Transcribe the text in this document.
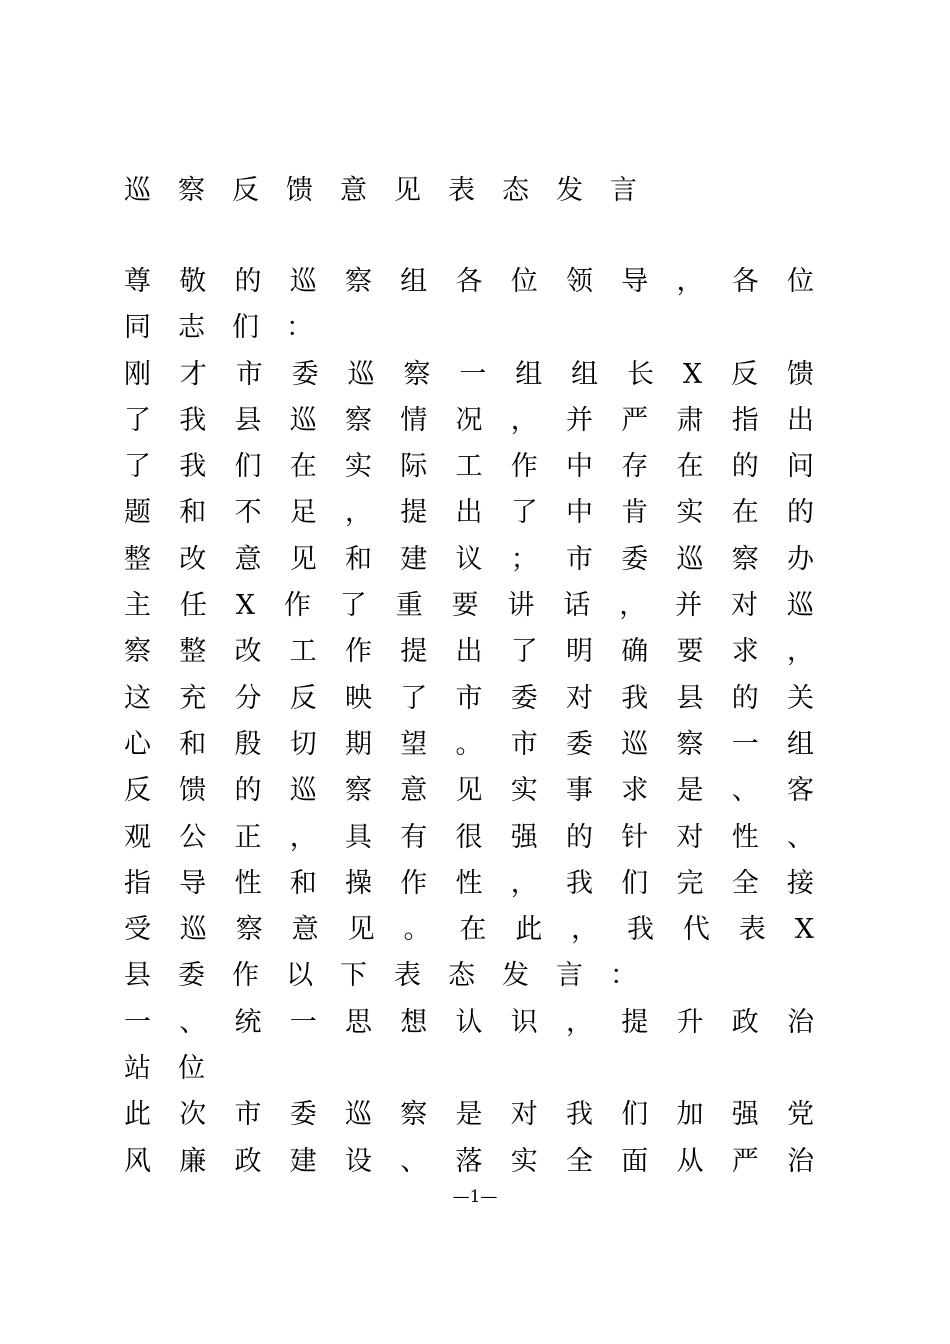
巡察反馈意见表态发言
尊 敬 的 巡 察 组 各 位 领 导 ， 各 位
同 志 们 ：
刚 才 市 委 巡 察 一 组 组 长 X 反 馈
了 我 县 巡 察 情 况 ， 并 严 肃 指 出
了 我 们 在 实 际 工 作 中 存 在 的 问
题 和 不 足 ， 提 出 了 中 肯 实 在 的
整 改 意 见 和 建 议 ； 市 委 巡 察 办
主 任 X 作 了 重 要 讲 话 ， 并 对 巡
察 整 改 工 作 提 出 了 明 确 要 求 ，
这 充 分 反 映 了 市 委 对 我 县 的 关
心 和 殷 切 期 望 。 市 委 巡 察 一 组
反 馈 的 巡 察 意 见 实 事 求 是 、 客
观 公 正 ， 具 有 很 强 的 针 对 性 、
指 导 性 和 操 作 性 ， 我 们 完 全 接
受 巡 察 意 见 。 在 此 ， 我 代 表 X
县 委 作 以 下 表 态 发 言 ：
一 、 统 一 思 想 认 识 ， 提 升 政 治
站 位
此 次 市 委 巡 察 是 对 我 们 加 强 党
风 廉 政 建 设 、 落 实 全 面 从 严 治
—1—
